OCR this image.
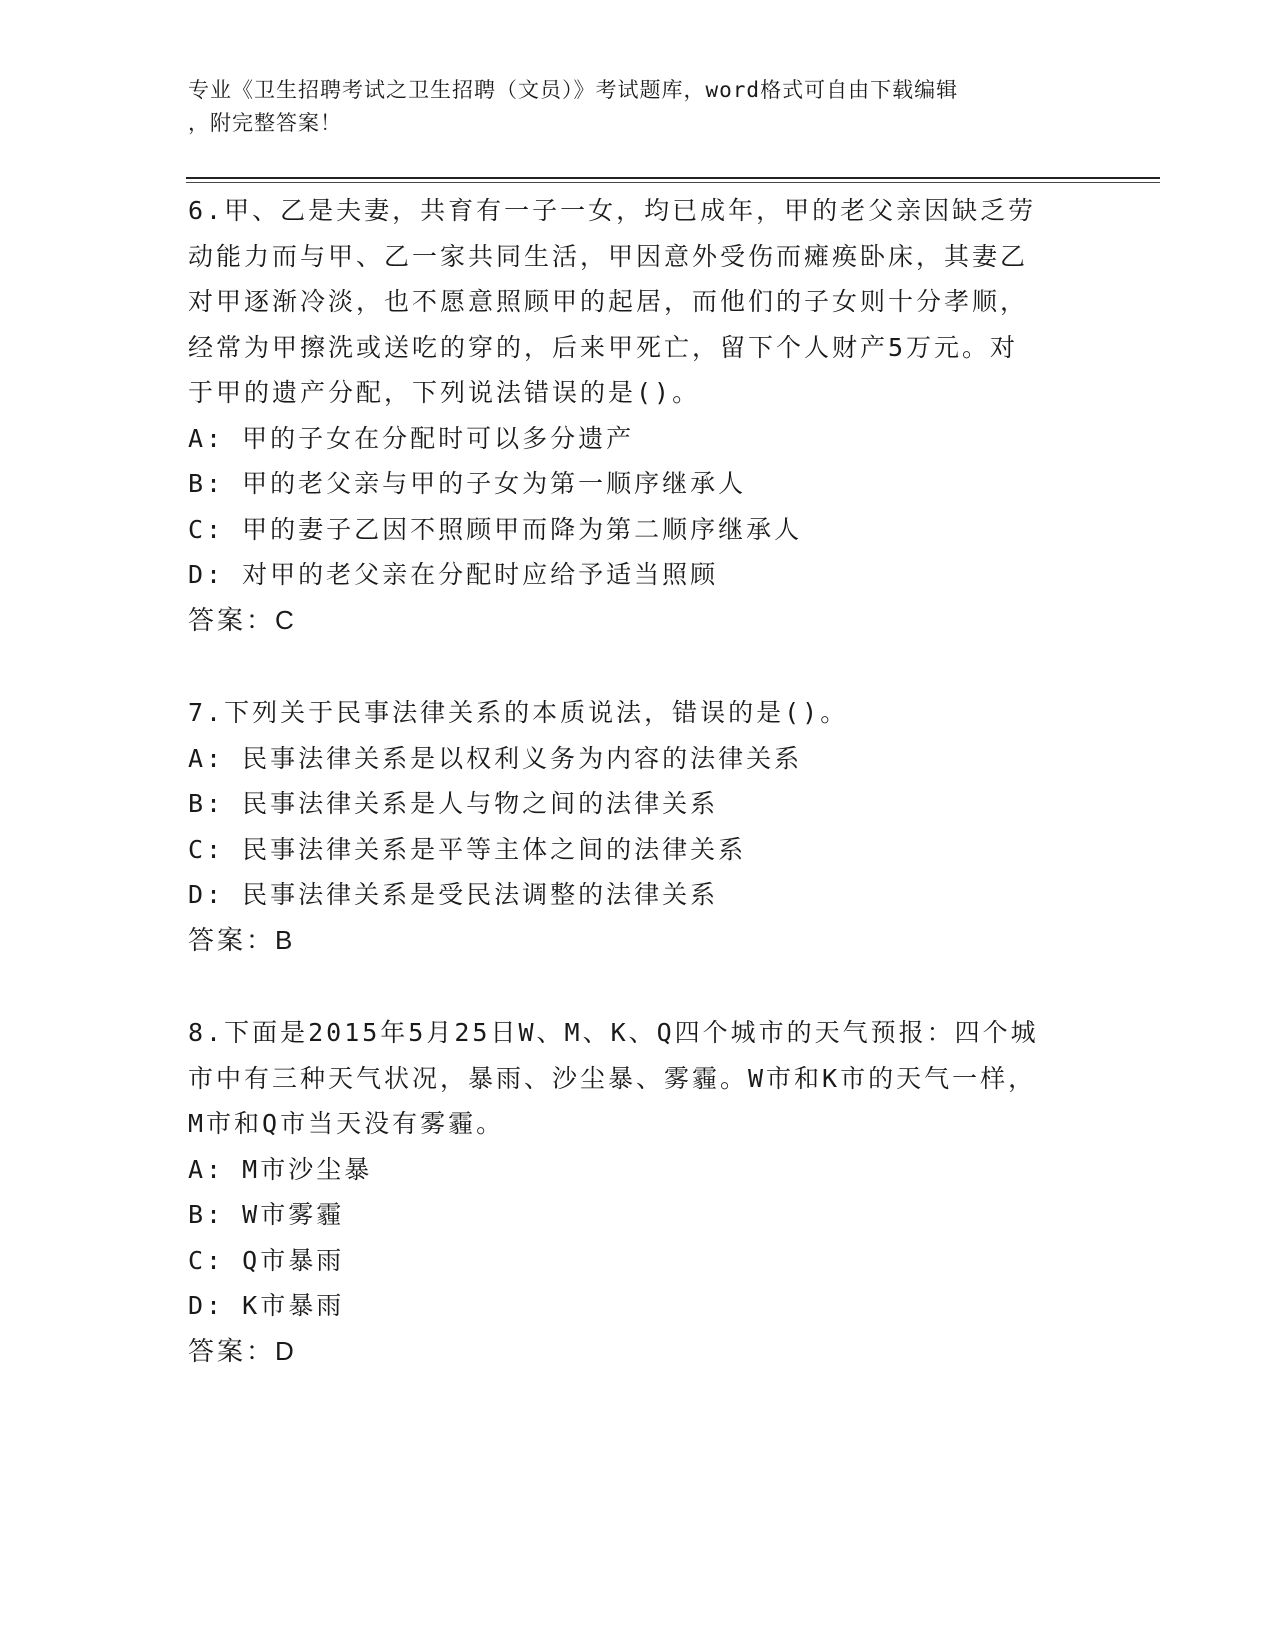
专业《卫生招聘考试之卫生招聘（文员）》考试题库，word格式可自由下载编辑
，附完整答案！
6.甲、乙是夫妻，共育有一子一女，均已成年，甲的老父亲因缺乏劳
动能力而与甲、乙一家共同生活，甲因意外受伤而瘫痪卧床，其妻乙
对甲逐渐冷淡，也不愿意照顾甲的起居，而他们的子女则十分孝顺，
经常为甲擦洗或送吃的穿的，后来甲死亡，留下个人财产5万元。对
于甲的遗产分配，下列说法错误的是()。
A: 甲的子女在分配时可以多分遗产
B: 甲的老父亲与甲的子女为第一顺序继承人
C: 甲的妻子乙因不照顾甲而降为第二顺序继承人
D: 对甲的老父亲在分配时应给予适当照顾
答案：C
7.下列关于民事法律关系的本质说法，错误的是()。
A: 民事法律关系是以权利义务为内容的法律关系
B: 民事法律关系是人与物之间的法律关系
C: 民事法律关系是平等主体之间的法律关系
D: 民事法律关系是受民法调整的法律关系
答案：B
8.下面是2015年5月25日W、M、K、Q四个城市的天气预报：四个城
市中有三种天气状况，暴雨、沙尘暴、雾霾。W市和K市的天气一样，
M市和Q市当天没有雾霾。
A: M市沙尘暴
B: W市雾霾
C: Q市暴雨
D: K市暴雨
答案：D
